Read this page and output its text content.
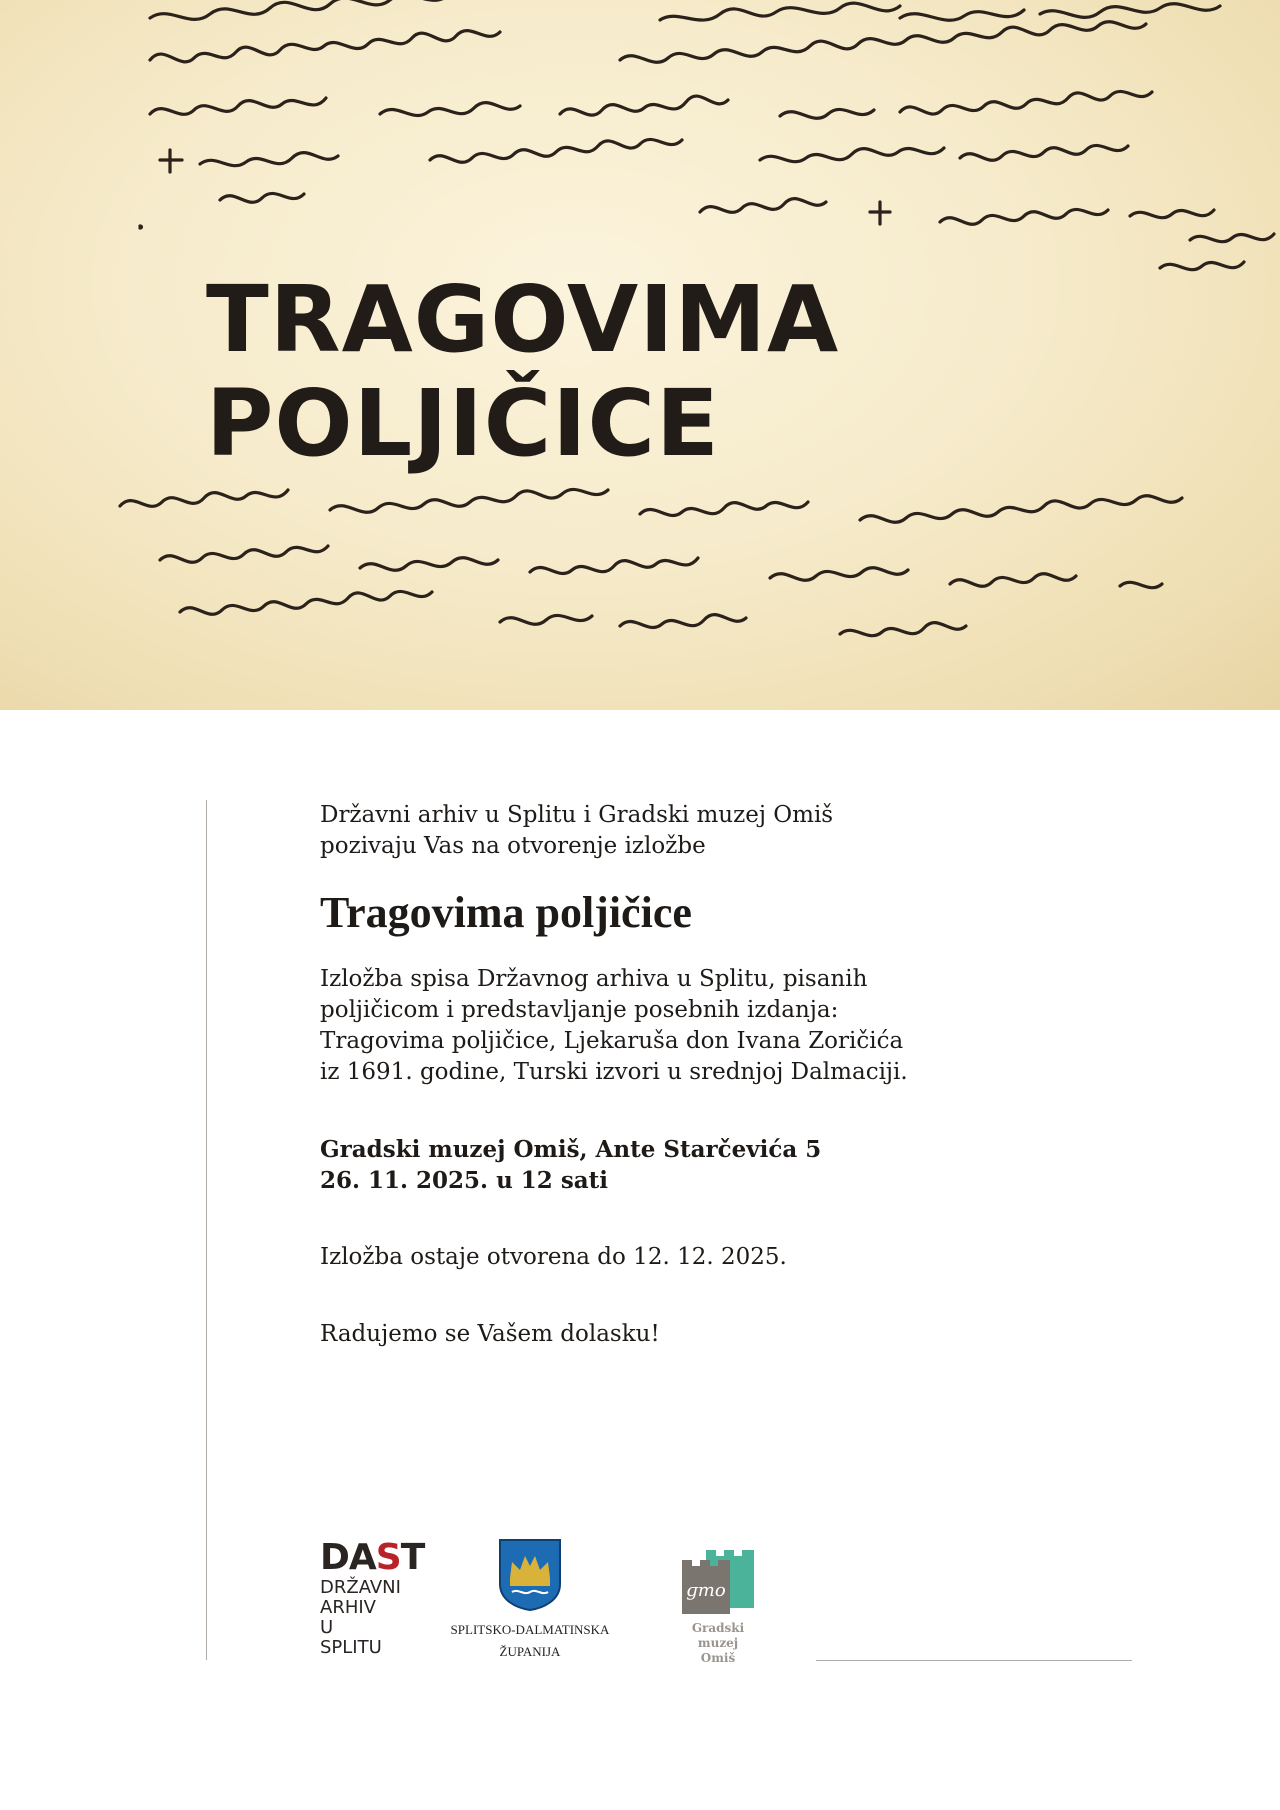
TRAGOVIMA
POLJIČICE

Državni arhiv u Splitu i Gradski muzej Omiš

pozivaju Vas na otvorenje izložbe

Tragovima poljičice

Izložba spisa Državnog arhiva u Splitu, pisanih

poljičicom i predstavljanje posebnih izdanja:

Tragovima poljičice, Ljekaruša don Ivana Zoričića

iz 1691. godine, Turski izvori u srednjoj Dalmaciji.

Gradski muzej Omiš, Ante Starčevića 5

26. 11. 2025. u 12 sati

Izložba ostaje otvorena do 12. 12. 2025.

Radujemo se Vašem dolasku!

DAST
DRŽAVNI
ARHIV
U SPLITU
SPLITSKO-DALMATINSKA
ŽUPANIJA
ɡmo
Gradski
muzej
Omiš
